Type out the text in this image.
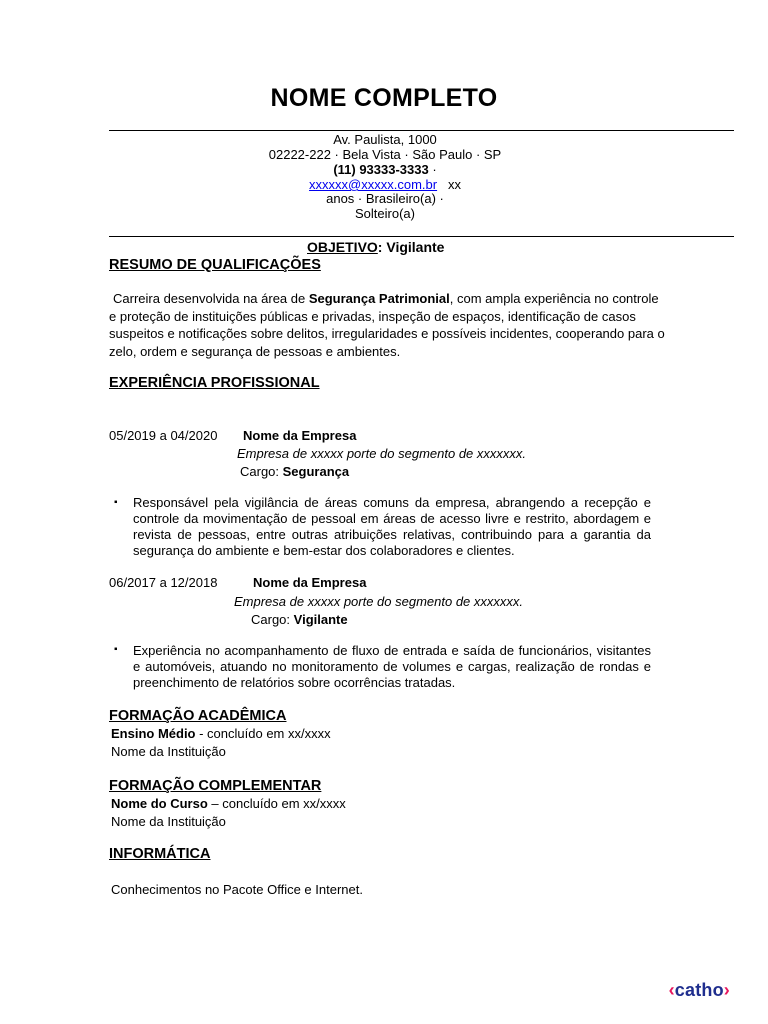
NOME COMPLETO
Av. Paulista, 1000
02222-222 · Bela Vista · São Paulo · SP
(11) 93333-3333 ·
xxxxxx@xxxxx.com.br xx
anos · Brasileiro(a) ·
Solteiro(a)
OBJETIVO: Vigilante
RESUMO DE QUALIFICAÇÕES
Carreira desenvolvida na área de Segurança Patrimonial, com ampla experiência no controle e proteção de instituições públicas e privadas, inspeção de espaços, identificação de casos suspeitos e notificações sobre delitos, irregularidades e possíveis incidentes, cooperando para o zelo, ordem e segurança de pessoas e ambientes.
EXPERIÊNCIA PROFISSIONAL
05/2019 a 04/2020 Nome da Empresa
Empresa de xxxxx porte do segmento de xxxxxxx.
Cargo: Segurança
▪ Responsável pela vigilância de áreas comuns da empresa, abrangendo a recepção e controle da movimentação de pessoal em áreas de acesso livre e restrito, abordagem e revista de pessoas, entre outras atribuições relativas, contribuindo para a garantia da segurança do ambiente e bem-estar dos colaboradores e clientes.
06/2017 a 12/2018	Nome da Empresa
Empresa de xxxxx porte do segmento de xxxxxxx.
Cargo: Vigilante
▪ Experiência no acompanhamento de fluxo de entrada e saída de funcionários, visitantes e automóveis, atuando no monitoramento de volumes e cargas, realização de rondas e preenchimento de relatórios sobre ocorrências tratadas.
FORMAÇÃO ACADÊMICA
Ensino Médio - concluído em xx/xxxx
Nome da Instituição
FORMAÇÃO COMPLEMENTAR
Nome do Curso – concluído em xx/xxxx
Nome da Instituição
INFORMÁTICA
Conhecimentos no Pacote Office e Internet.
‹catho›
